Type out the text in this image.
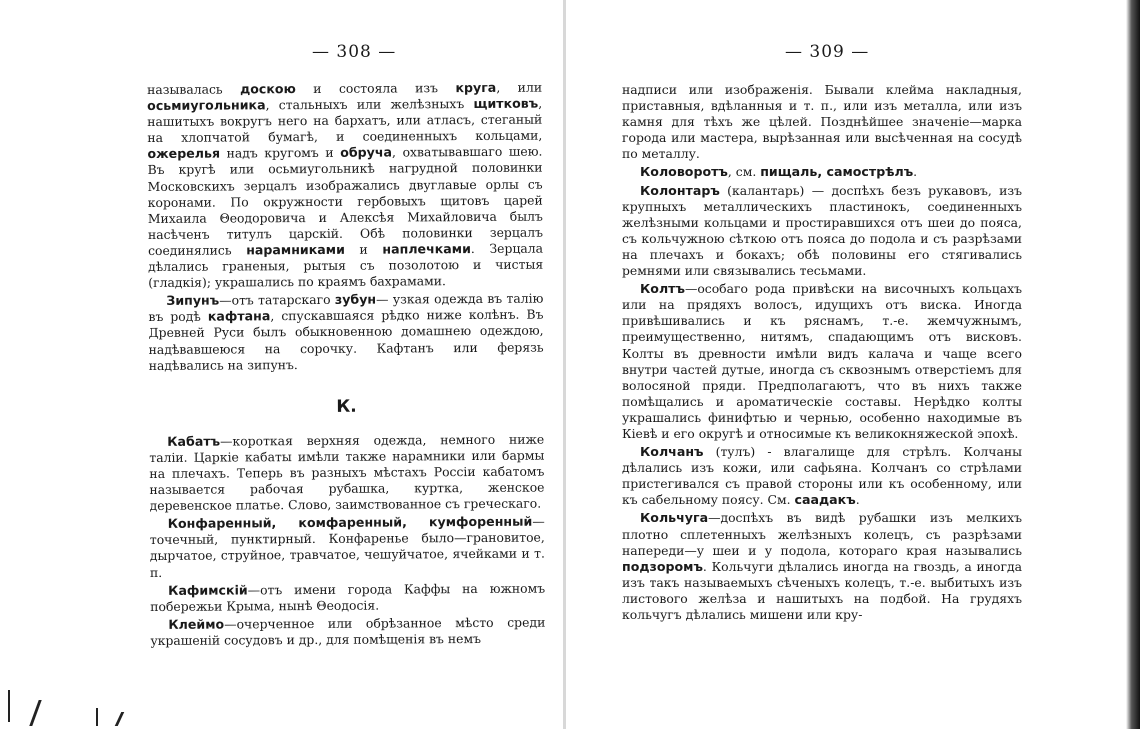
— 308 —

называлась доскою и состояла изъ круга, или осьмиугольника, стальныхъ или желѣзныхъ щитковъ, нашитыхъ вокругъ него на бархатъ, или атласъ, стеганый на хлопчатой бумагѣ, и соединенныхъ кольцами, ожерелья надъ кругомъ и обруча, охватывавшаго шею. Въ кругѣ или осьмиугольникѣ нагрудной половинки Московскихъ зерцалъ изображались двуглавые орлы съ коронами. По окружности гербовыхъ щитовъ царей Михаила Θеодоровича и Алексѣя Михайловича былъ насѣченъ титулъ царскій. Обѣ половинки зерцалъ соединялись нарамниками и наплечками. Зерцала дѣлались граненыя, рытыя съ позолотою и чистыя (гладкія); украшались по краямъ бахрамами.

Зипунъ—отъ татарскаго зубун— узкая одежда въ талію въ родѣ кафтана, спускавшаяся рѣдко ниже колѣнъ. Въ Древней Руси былъ обыкновенною домашнею одеждою, надѣвавшеюся на сорочку. Кафтанъ или ферязь надѣвались на зипунъ.

К.

Кабатъ—короткая верхняя одежда, немного ниже таліи. Царкіе кабаты имѣли также нарамники или бармы на плечахъ. Теперь въ разныхъ мѣстахъ Россіи кабатомъ называется рабочая рубашка, куртка, женское деревенское платье. Слово, заимствованное съ греческаго.

Конфаренный, комфаренный, кумфоренный—точечный, пунктирный. Конфаренье было—грановитое, дырчатое, струйное, травчатое, чешуйчатое, ячейками и т. п.

Кафимскій—отъ имени города Каффы на южномъ побережьи Крыма, нынѣ Θеодосія.

Клеймо—очерченное или обрѣзанное мѣсто среди украшеній сосудовъ и др., для помѣщенія въ немъ

— 309 —

надписи или изображенія. Бывали клейма накладныя, приставныя, вдѣланныя и т. п., или изъ металла, или изъ камня для тѣхъ же цѣлей. Позднѣйшее значеніе—марка города или мастера, вырѣзанная или высѣченная на сосудѣ по металлу.

Коловоротъ, см. пищаль, самострѣлъ.

Колонтаръ (калантарь) — доспѣхъ безъ рукавовъ, изъ крупныхъ металлическихъ пластинокъ, соединенныхъ желѣзными кольцами и простиравшихся отъ шеи до пояса, съ кольчужною сѣткою отъ пояса до подола и съ разрѣзами на плечахъ и бокахъ; обѣ половины его стягивались ремнями или связывались тесьмами.

Колтъ—особаго рода привѣски на височныхъ кольцахъ или на прядяхъ волосъ, идущихъ отъ виска. Иногда привѣшивались и къ ряснамъ, т.-е. жемчужнымъ, преимущественно, нитямъ, спадающимъ отъ висковъ. Колты въ древности имѣли видъ калача и чаще всего внутри частей дутые, иногда съ сквознымъ отверстіемъ для волосяной пряди. Предполагаютъ, что въ нихъ также помѣщались и ароматическіе составы. Нерѣдко колты украшались финифтью и чернью, особенно находимые въ Кіевѣ и его округѣ и относимые къ великокняжеской эпохѣ.

Колчанъ (тулъ) - влагалище для стрѣлъ. Колчаны дѣлались изъ кожи, или сафьяна. Колчанъ со стрѣлами пристегивался съ правой стороны или къ особенному, или къ сабельному поясу. См. саадакъ.

Кольчуга—доспѣхъ въ видѣ рубашки изъ мелкихъ плотно сплетенныхъ желѣзныхъ колецъ, съ разрѣзами напереди—у шеи и у подола, котораго края назывались подзоромъ. Кольчуги дѣлались иногда на гвоздь, а иногда изъ такъ называемыхъ сѣченыхъ колецъ, т.-е. выбитыхъ изъ листового желѣза и нашитыхъ на подбой. На грудяхъ кольчугъ дѣлались мишени или кру-
